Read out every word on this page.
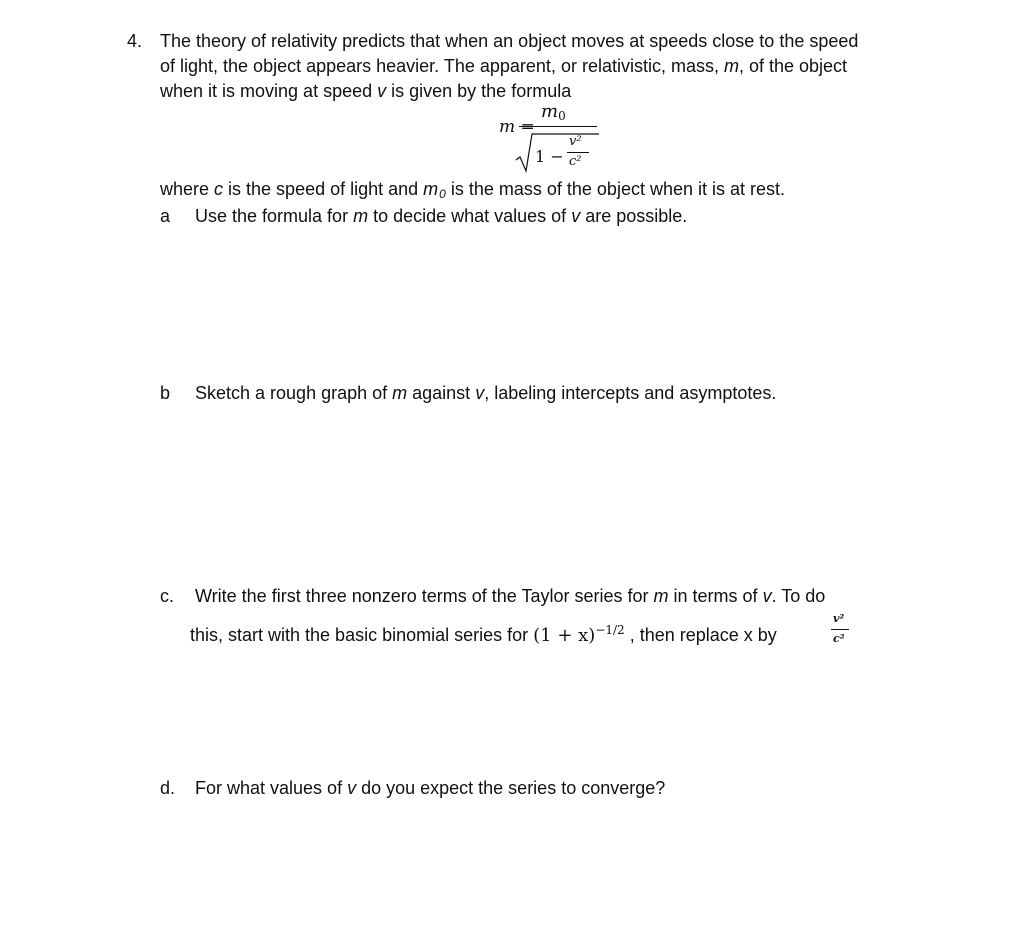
4. The theory of relativity predicts that when an object moves at speeds close to the speed
of light, the object appears heavier. The apparent, or relativistic, mass, m, of the object
when it is moving at speed v is given by the formula
m =
m0
1 −
v²
c²
where c is the speed of light and $m_0$ is the mass of the object when it is at rest.
a Use the formula for m to decide what values of v are possible.
b Sketch a rough graph of m against v, labeling intercepts and asymptotes.
c. Write the first three nonzero terms of the Taylor series for m in terms of v. To do
this, start with the basic binomial series for $(1 + x)^{-1/2}$ , then replace x by
v²
c²
d. For what values of v do you expect the series to converge?
